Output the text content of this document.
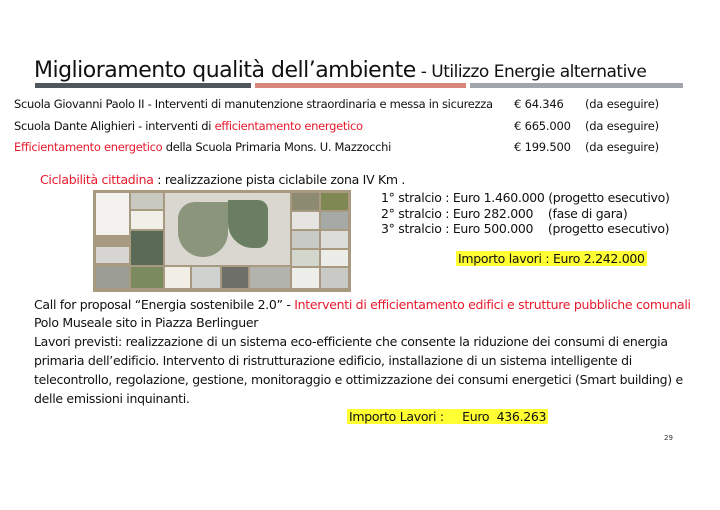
Miglioramento qualità dell’ambiente - Utilizzo Energie alternative
Scuola Giovanni Paolo II - Interventi di manutenzione straordinaria e messa in sicurezza € 64.346 (da eseguire)
Scuola Dante Alighieri - interventi di efficientamento energetico	€ 665.000 (da eseguire)
Efficientamento energetico della Scuola Primaria Mons. U. Mazzocchi	€ 199.500 (da eseguire)
Ciclabilità cittadina : realizzazione pista ciclabile zona IV Km .
1° stralcio : Euro 1.460.000 (progetto esecutivo)
2° stralcio : Euro 282.000    (fase di gara)
3° stralcio : Euro 500.000    (progetto esecutivo)
Importo lavori : Euro 2.242.000
Call for proposal “Energia sostenibile 2.0” - Interventi di efficientamento edifici e strutture pubbliche comunali
Polo Museale sito in Piazza Berlinguer
Lavori previsti: realizzazione di un sistema eco-efficiente che consente la riduzione dei consumi di energia
primaria dell’edificio. Intervento di ristrutturazione edificio, installazione di un sistema intelligente di
telecontrollo, regolazione, gestione, monitoraggio e ottimizzazione dei consumi energetici (Smart building) e
delle emissioni inquinanti.
Importo Lavori :     Euro  436.263
29
